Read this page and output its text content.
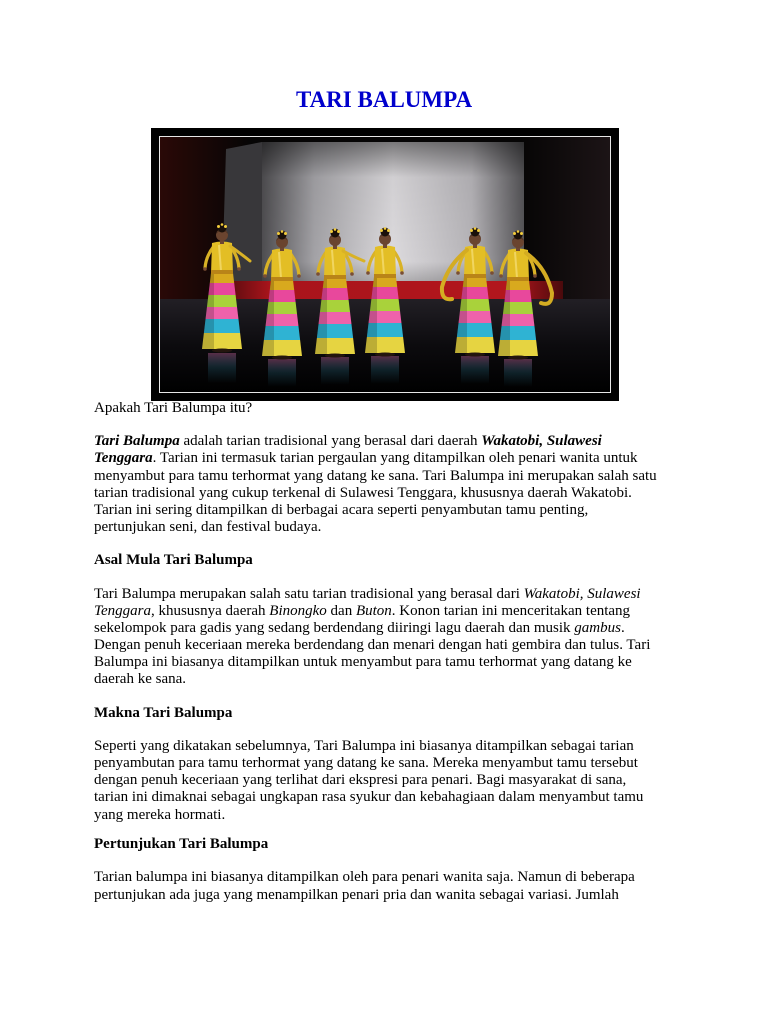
TARI BALUMPA
Apakah Tari Balumpa itu?
Tari Balumpa adalah tarian tradisional yang berasal dari daerah Wakatobi, Sulawesi
Tenggara. Tarian ini termasuk tarian pergaulan yang ditampilkan oleh penari wanita untuk
menyambut para tamu terhormat yang datang ke sana. Tari Balumpa ini merupakan salah satu
tarian tradisional yang cukup terkenal di Sulawesi Tenggara, khususnya daerah Wakatobi.
Tarian ini sering ditampilkan di berbagai acara seperti penyambutan tamu penting,
pertunjukan seni, dan festival budaya.
Asal Mula Tari Balumpa
Tari Balumpa merupakan salah satu tarian tradisional yang berasal dari Wakatobi, Sulawesi
Tenggara, khususnya daerah Binongko dan Buton. Konon tarian ini menceritakan tentang
sekelompok para gadis yang sedang berdendang diiringi lagu daerah dan musik gambus.
Dengan penuh keceriaan mereka berdendang dan menari dengan hati gembira dan tulus. Tari
Balumpa ini biasanya ditampilkan untuk menyambut para tamu terhormat yang datang ke
daerah ke sana.
Makna Tari Balumpa
Seperti yang dikatakan sebelumnya, Tari Balumpa ini biasanya ditampilkan sebagai tarian
penyambutan para tamu terhormat yang datang ke sana. Mereka menyambut tamu tersebut
dengan penuh keceriaan yang terlihat dari ekspresi para penari. Bagi masyarakat di sana,
tarian ini dimaknai sebagai ungkapan rasa syukur dan kebahagiaan dalam menyambut tamu
yang mereka hormati.
Pertunjukan Tari Balumpa
Tarian balumpa ini biasanya ditampilkan oleh para penari wanita saja. Namun di beberapa
pertunjukan ada juga yang menampilkan penari pria dan wanita sebagai variasi. Jumlah
